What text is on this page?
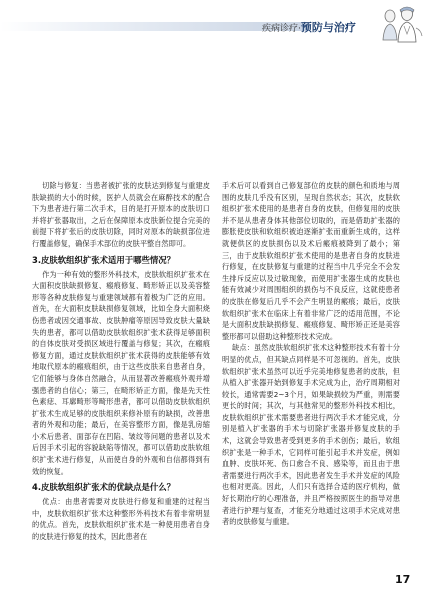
疾病诊疗·预防与治疗

切除与修复：当患者被扩张的皮肤达到修复与重建皮肤缺损的大小的时候，医护人员就会在麻醉技术的配合下为患者进行第二次手术，目的是打开原本的皮肤切口并将扩张器取出，之后在保障原本皮肤新位提合完美的前提下将扩张后的皮肤切除，同时对原本的缺损部位进行覆盖修复，确保手术部位的皮肤平整自然即可。

3.皮肤软组织扩张术适用于哪些情况？

作为一种有效的整形外科技术，皮肤软组织扩张术在大面积皮肤缺损修复、瘢痕修复、畸形矫正以及美容整形等各种皮肤修复与重建领域都有着极为广泛的应用。首先，在大面积皮肤缺损修复领域，比如全身大面积烧伤患者或因交通事故、皮肤肿瘤等原因导致皮肤大量缺失的患者，都可以借助皮肤软组织扩张术获得足够面积的自体皮肤对受损区域进行覆盖与修复；其次，在瘢痕修复方面，通过皮肤软组织扩张术获得的皮肤能够有效地取代原本的瘢痕组织，由于这些皮肤来自患者自身，它们能够与身体自然融合，从而显著改善瘢痕外观并增强患者的自信心；第三，在畸形矫正方面，像是先天性色素痣、耳廓畸形等畸形患者，都可以借助皮肤软组织扩张术生成足够的皮肤组织来修补原有的缺损，改善患者的外观和功能；最后，在美容整形方面，像是乳房缩小术后患者、面部存在凹陷、皱纹等问题的患者以及术后因手术引起的容貌缺陷等情况，都可以借助皮肤软组织扩张术进行修复，从而使自身的外观和自信都得到有效的恢复。

4.皮肤软组织扩张术的优缺点是什么？

优点：由患者需要对皮肤进行修复和重建的过程当中，皮肤软组织扩张术这种整形外科技术有着非常明显的优点。首先，皮肤软组织扩张术是一种使用患者自身的皮肤进行修复的技术，因此患者在

手术后可以看到自己修复部位的皮肤的颜色和质地与周围的皮肤几乎没有区别，呈现自然状态；其次，皮肤软组织扩张术使用的是患者自身的皮肤，但修复用的皮肤并不是从患者身体其他部位切取的，而是借助扩张器的膨胀使皮肤和软组织被迫逐渐扩张而重新生成的，这样就便供区的皮肤损伤以及术后瘢痕被降到了最小；第三，由于皮肤软组织扩张术使用的是患者自身的皮肤进行修复，在皮肤修复与重建的过程当中几乎完全不会发生排斥反应以及过敏现象，而使用扩张器生成的皮肤也能有效减少对周围组织的损伤与不良反应，这就使患者的皮肤在修复后几乎不会产生明显的瘢痕；最后，皮肤软组织扩张术在临床上有着非常广泛的适用范围，不论是大面积皮肤缺损修复、瘢痕修复、畸形矫正还是美容整形都可以借助这种整形技术完成。

缺点：虽然皮肤软组织扩张术这种整形技术有着十分明显的优点，但其缺点同样是不可忽视的。首先，皮肤软组织扩张术虽然可以近乎完美地修复患者的皮肤，但从植入扩张器开始到修复手术完成为止，治疗周期相对较长，通常需要2~3个月，如果缺损较为严重，则需要更长的时间；其次，与其他常见的整形外科技术相比，皮肤软组织扩张术需要患者进行两次手术才能完成，分别是植入扩张器的手术与切除扩张器并修复皮肤的手术，这就会导致患者受到更多的手术创伤；最后，软组织扩张是一种手术，它同样可能引起手术并发症，例如血肿、皮肤坏死、伤口愈合不良、感染等，而且由于患者需要进行两次手术，因此患者发生手术并发症的风险也相对更高。因此，人们只有选择合适的医疗机构，做好长期治疗的心理准备，并且严格按照医生的指导对患者进行护理与复查，才能充分地通过这项手术完成对患者的皮肤修复与重建。

17
